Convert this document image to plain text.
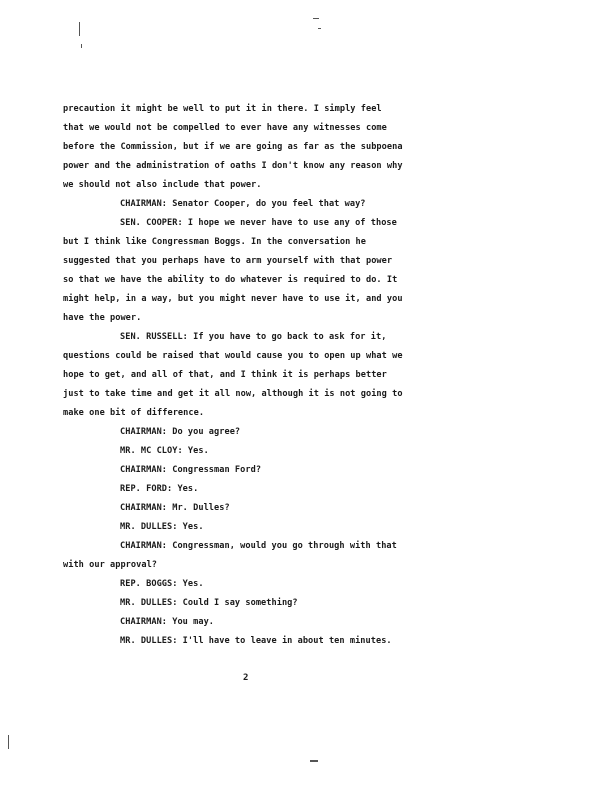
precaution it might be well to put it in there. I simply feel
that we would not be compelled to ever have any witnesses come
before the Commission, but if we are going as far as the subpoena
power and the administration of oaths I don't know any reason why
we should not also include that power.
CHAIRMAN: Senator Cooper, do you feel that way?
SEN. COOPER: I hope we never have to use any of those
but I think like Congressman Boggs. In the conversation he
suggested that you perhaps have to arm yourself with that power
so that we have the ability to do whatever is required to do. It
might help, in a way, but you might never have to use it, and you
have the power.
SEN. RUSSELL: If you have to go back to ask for it,
questions could be raised that would cause you to open up what we
hope to get, and all of that, and I think it is perhaps better
just to take time and get it all now, although it is not going to
make one bit of difference.
CHAIRMAN: Do you agree?
MR. MC CLOY: Yes.
CHAIRMAN: Congressman Ford?
REP. FORD: Yes.
CHAIRMAN: Mr. Dulles?
MR. DULLES: Yes.
CHAIRMAN: Congressman, would you go through with that
with our approval?
REP. BOGGS: Yes.
MR. DULLES: Could I say something?
CHAIRMAN: You may.
MR. DULLES: I'll have to leave in about ten minutes.
2
